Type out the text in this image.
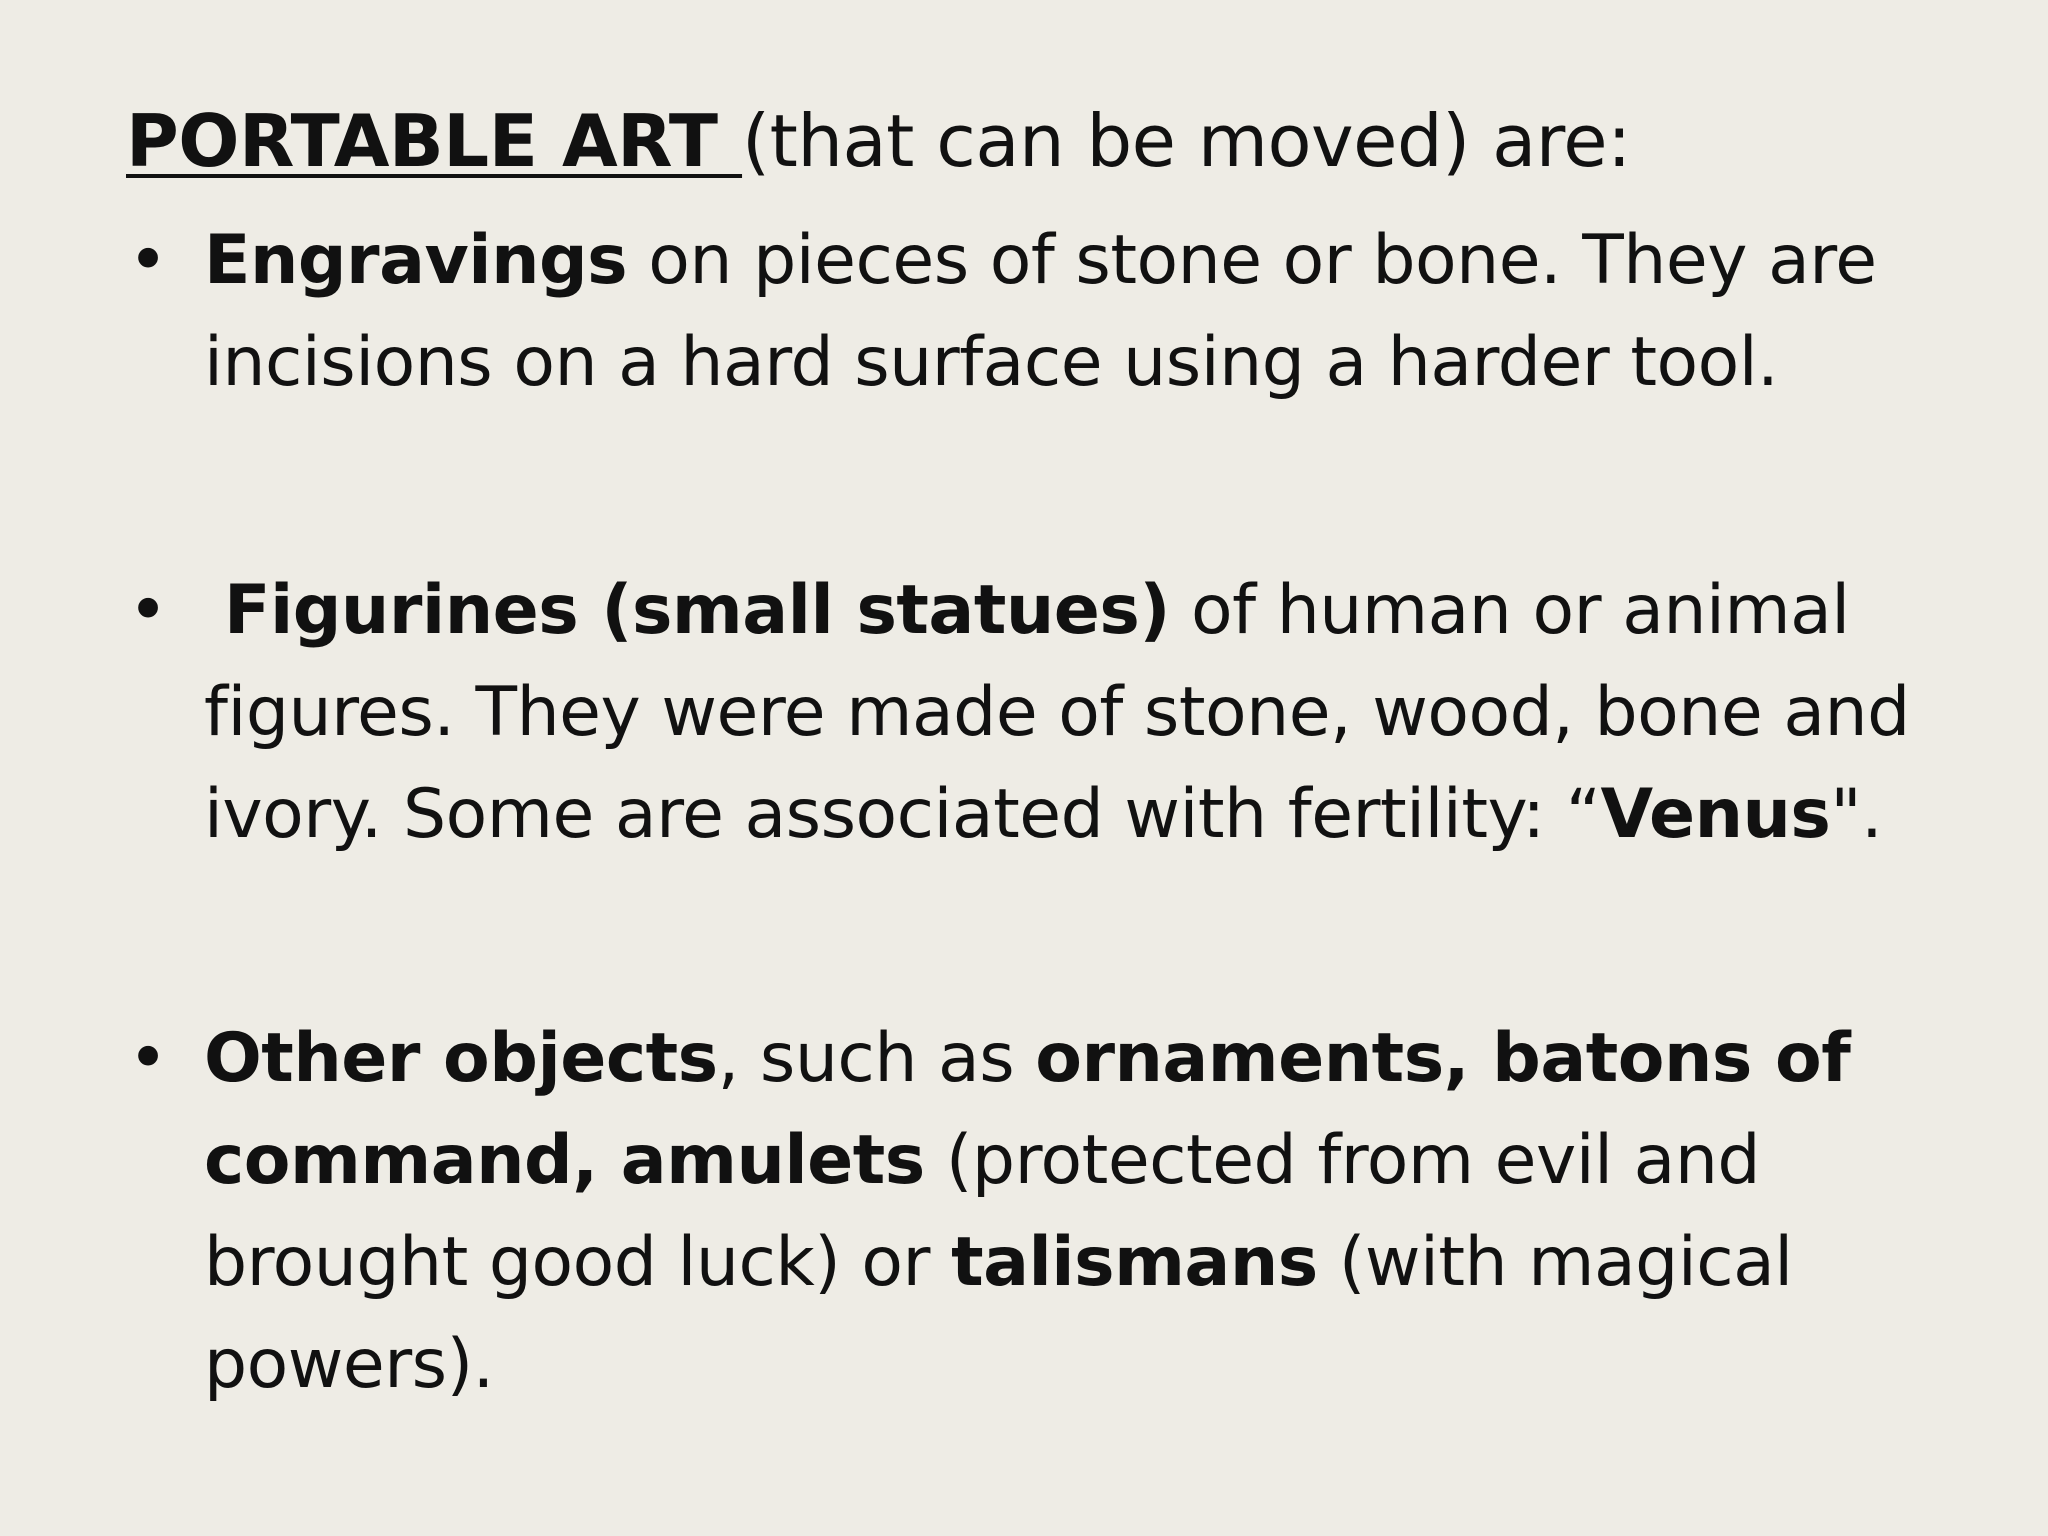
PORTABLE ART (that can be moved) are:
• Engravings on pieces of stone or bone. They are incisions on a hard surface using a harder tool.
• Figurines (small statues) of human or animal figures. They were made of stone, wood, bone and ivory. Some are associated with fertility: “Venus".
• Other objects, such as ornaments, batons of command, amulets (protected from evil and brought good luck) or talismans (with magical powers).
